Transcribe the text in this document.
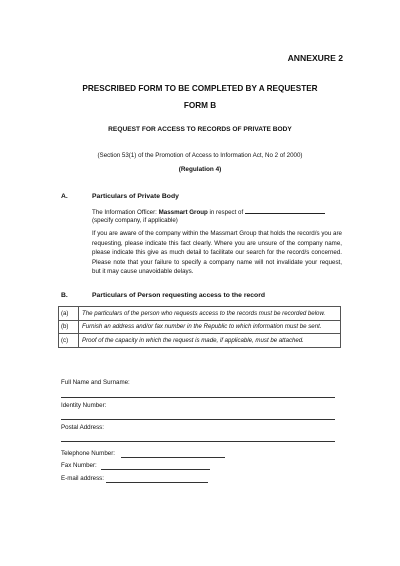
ANNEXURE 2
PRESCRIBED FORM TO BE COMPLETED BY A REQUESTER
FORM B
REQUEST FOR ACCESS TO RECORDS OF PRIVATE BODY
(Section 53(1) of the Promotion of Access to Information Act, No 2 of 2000)
(Regulation 4)
A.	Particulars of Private Body
The Information Officer: Massmart Group in respect of
(specify company, if applicable)
If you are aware of the company within the Massmart Group that holds the record/s you are requesting, please indicate this fact clearly. Where you are unsure of the company name, please indicate this give as much detail to facilitate our search for the record/s concerned. Please note that your failure to specify a company name will not invalidate your request, but it may cause unavoidable delays.
B.	Particulars of Person requesting access to the record
(a)	The particulars of the person who requests access to the records must be recorded below.
(b)	Furnish an address and/or fax number in the Republic to which information must be sent.
(c)	Proof of the capacity in which the request is made, if applicable, must be attached.
Full Name and Surname:
Identity Number:
Postal Address:
Telephone Number:
Fax Number:
E-mail address:
